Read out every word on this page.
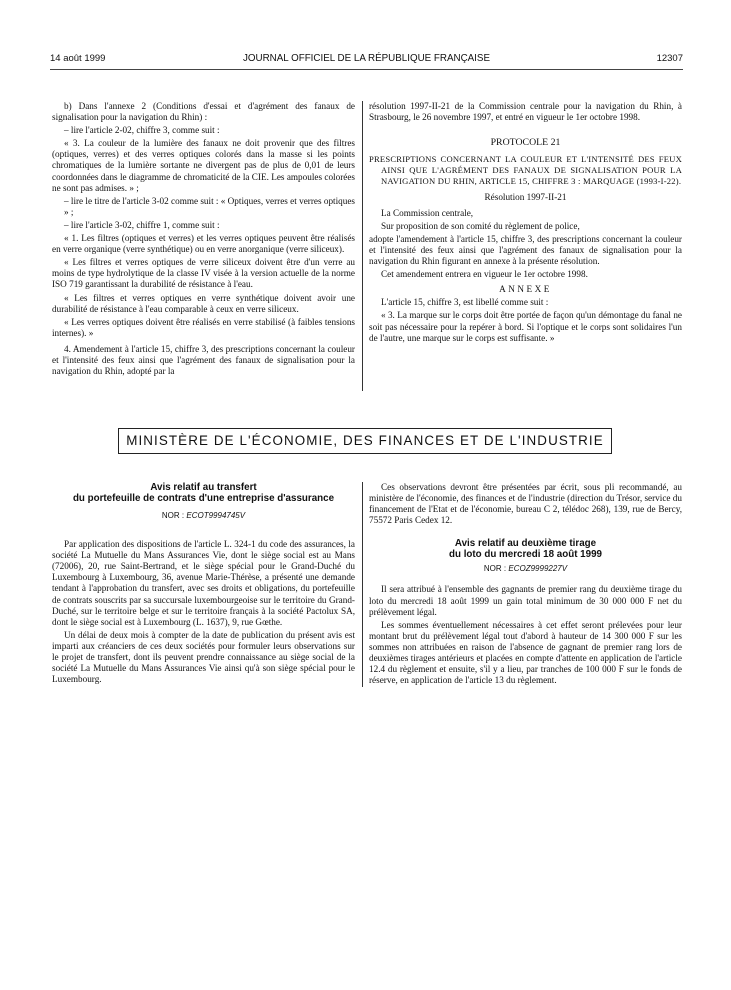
14 août 1999	JOURNAL OFFICIEL DE LA RÉPUBLIQUE FRANÇAISE	12307

b) Dans l'annexe 2 (Conditions d'essai et d'agrément des fanaux de signalisation pour la navigation du Rhin) :

– lire l'article 2-02, chiffre 3, comme suit :

« 3. La couleur de la lumière des fanaux ne doit provenir que des filtres (optiques, verres) et des verres optiques colorés dans la masse si les points chromatiques de la lumière sortante ne divergent pas de plus de 0,01 de leurs coordonnées dans le diagramme de chromaticité de la CIE. Les ampoules colorées ne sont pas admises. » ;

– lire le titre de l'article 3-02 comme suit : « Optiques, verres et verres optiques » ;

– lire l'article 3-02, chiffre 1, comme suit :

« 1. Les filtres (optiques et verres) et les verres optiques peuvent être réalisés en verre organique (verre synthétique) ou en verre anorganique (verre siliceux).

« Les filtres et verres optiques de verre siliceux doivent être d'un verre au moins de type hydrolytique de la classe IV visée à la version actuelle de la norme ISO 719 garantissant la durabilité de résistance à l'eau.

« Les filtres et verres optiques en verre synthétique doivent avoir une durabilité de résistance à l'eau comparable à ceux en verre siliceux.

« Les verres optiques doivent être réalisés en verre stabilisé (à faibles tensions internes). »

4. Amendement à l'article 15, chiffre 3, des prescriptions concernant la couleur et l'intensité des feux ainsi que l'agrément des fanaux de signalisation pour la navigation du Rhin, adopté par la

résolution 1997-II-21 de la Commission centrale pour la navigation du Rhin, à Strasbourg, le 26 novembre 1997, et entré en vigueur le 1er octobre 1998.

PROTOCOLE 21

PRESCRIPTIONS CONCERNANT LA COULEUR ET L'INTENSITÉ DES FEUX AINSI QUE L'AGRÉMENT DES FANAUX DE SIGNALISATION POUR LA NAVIGATION DU RHIN, ARTICLE 15, CHIFFRE 3 : MARQUAGE (1993-I-22).

Résolution 1997-II-21

La Commission centrale,

Sur proposition de son comité du règlement de police,

adopte l'amendement à l'article 15, chiffre 3, des prescriptions concernant la couleur et l'intensité des feux ainsi que l'agrément des fanaux de signalisation pour la navigation du Rhin figurant en annexe à la présente résolution.

Cet amendement entrera en vigueur le 1er octobre 1998.

ANNEXE

L'article 15, chiffre 3, est libellé comme suit :

« 3. La marque sur le corps doit être portée de façon qu'un démontage du fanal ne soit pas nécessaire pour la repérer à bord. Si l'optique et le corps sont solidaires l'un de l'autre, une marque sur le corps est suffisante. »

MINISTÈRE DE L'ÉCONOMIE, DES FINANCES ET DE L'INDUSTRIE

Avis relatif au transfert

du portefeuille de contrats d'une entreprise d'assurance

NOR : ECOT9994745V

Par application des dispositions de l'article L. 324-1 du code des assurances, la société La Mutuelle du Mans Assurances Vie, dont le siège social est au Mans (72006), 20, rue Saint-Bertrand, et le siège spécial pour le Grand-Duché du Luxembourg à Luxembourg, 36, avenue Marie-Thérèse, a présenté une demande tendant à l'approbation du transfert, avec ses droits et obligations, du portefeuille de contrats souscrits par sa succursale luxembourgeoise sur le territoire du Grand-Duché, sur le territoire belge et sur le territoire français à la société Pactolux SA, dont le siège social est à Luxembourg (L. 1637), 9, rue Gœthe.

Un délai de deux mois à compter de la date de publication du présent avis est imparti aux créanciers de ces deux sociétés pour formuler leurs observations sur le projet de transfert, dont ils peuvent prendre connaissance au siège social de la société La Mutuelle du Mans Assurances Vie ainsi qu'à son siège spécial pour le Luxembourg.

Ces observations devront être présentées par écrit, sous pli recommandé, au ministère de l'économie, des finances et de l'industrie (direction du Trésor, service du financement de l'Etat et de l'économie, bureau C 2, télédoc 268), 139, rue de Bercy, 75572 Paris Cedex 12.

Avis relatif au deuxième tirage

du loto du mercredi 18 août 1999

NOR : ECOZ9999227V

Il sera attribué à l'ensemble des gagnants de premier rang du deuxième tirage du loto du mercredi 18 août 1999 un gain total minimum de 30 000 000 F net du prélèvement légal.

Les sommes éventuellement nécessaires à cet effet seront prélevées pour leur montant brut du prélèvement légal tout d'abord à hauteur de 14 300 000 F sur les sommes non attribuées en raison de l'absence de gagnant de premier rang lors de deuxièmes tirages antérieurs et placées en compte d'attente en application de l'article 12.4 du règlement et ensuite, s'il y a lieu, par tranches de 100 000 F sur le fonds de réserve, en application de l'article 13 du règlement.
